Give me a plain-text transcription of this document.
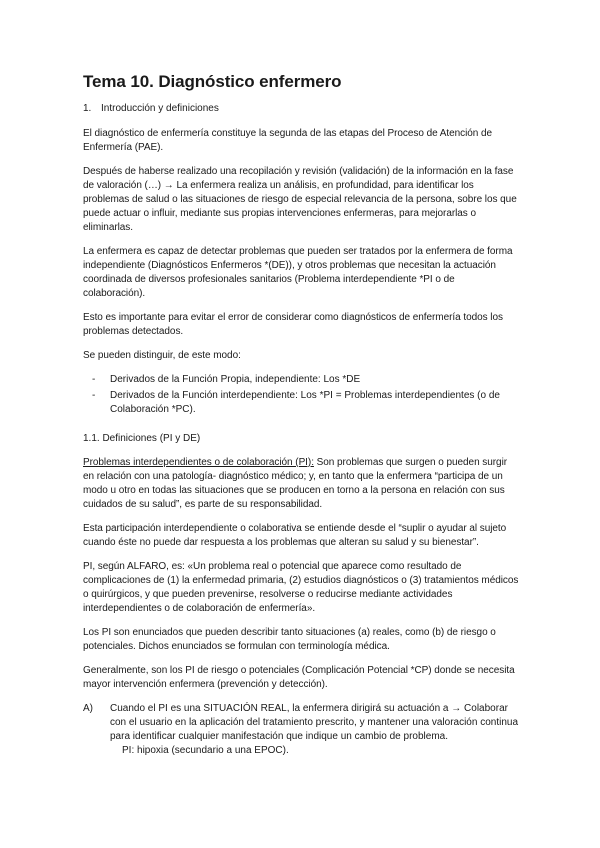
Tema 10. Diagnóstico enfermero
1. Introducción y definiciones

El diagnóstico de enfermería constituye la segunda de las etapas del Proceso de Atención de Enfermería (PAE).

Después de haberse realizado una recopilación y revisión (validación) de la información en la fase de valoración (…) → La enfermera realiza un análisis, en profundidad, para identificar los problemas de salud o las situaciones de riesgo de especial relevancia de la persona, sobre los que puede actuar o influir, mediante sus propias intervenciones enfermeras, para mejorarlas o eliminarlas.

La enfermera es capaz de detectar problemas que pueden ser tratados por la enfermera de forma independiente (Diagnósticos Enfermeros *(DE)), y otros problemas que necesitan la actuación coordinada de diversos profesionales sanitarios (Problema interdependiente *PI o de colaboración).

Esto es importante para evitar el error de considerar como diagnósticos de enfermería todos los problemas detectados.

Se pueden distinguir, de este modo:

- Derivados de la Función Propia, independiente: Los *DE
- Derivados de la Función interdependiente: Los *PI = Problemas interdependientes (o de Colaboración *PC).
1.1. Definiciones (PI y DE)

Problemas interdependientes o de colaboración (PI): Son problemas que surgen o pueden surgir en relación con una patología- diagnóstico médico; y, en tanto que la enfermera “participa de un modo u otro en todas las situaciones que se producen en torno a la persona en relación con sus cuidados de su salud”, es parte de su responsabilidad.

Esta participación interdependiente o colaborativa se entiende desde el “suplir o ayudar al sujeto cuando éste no puede dar respuesta a los problemas que alteran su salud y su bienestar”.

PI, según ALFARO, es: «Un problema real o potencial que aparece como resultado de complicaciones de (1) la enfermedad primaria, (2) estudios diagnósticos o (3) tratamientos médicos o quirúrgicos, y que pueden prevenirse, resolverse o reducirse mediante actividades interdependientes o de colaboración de enfermería».

Los PI son enunciados que pueden describir tanto situaciones (a) reales, como (b) de riesgo o potenciales. Dichos enunciados se formulan con terminología médica.

Generalmente, son los PI de riesgo o potenciales (Complicación Potencial *CP) donde se necesita mayor intervención enfermera (prevención y detección).

A) Cuando el PI es una SITUACIÓN REAL, la enfermera dirigirá su actuación a → Colaborar con el usuario en la aplicación del tratamiento prescrito, y mantener una valoración continua para identificar cualquier manifestación que indique un cambio de problema.
PI: hipoxia (secundario a una EPOC).
